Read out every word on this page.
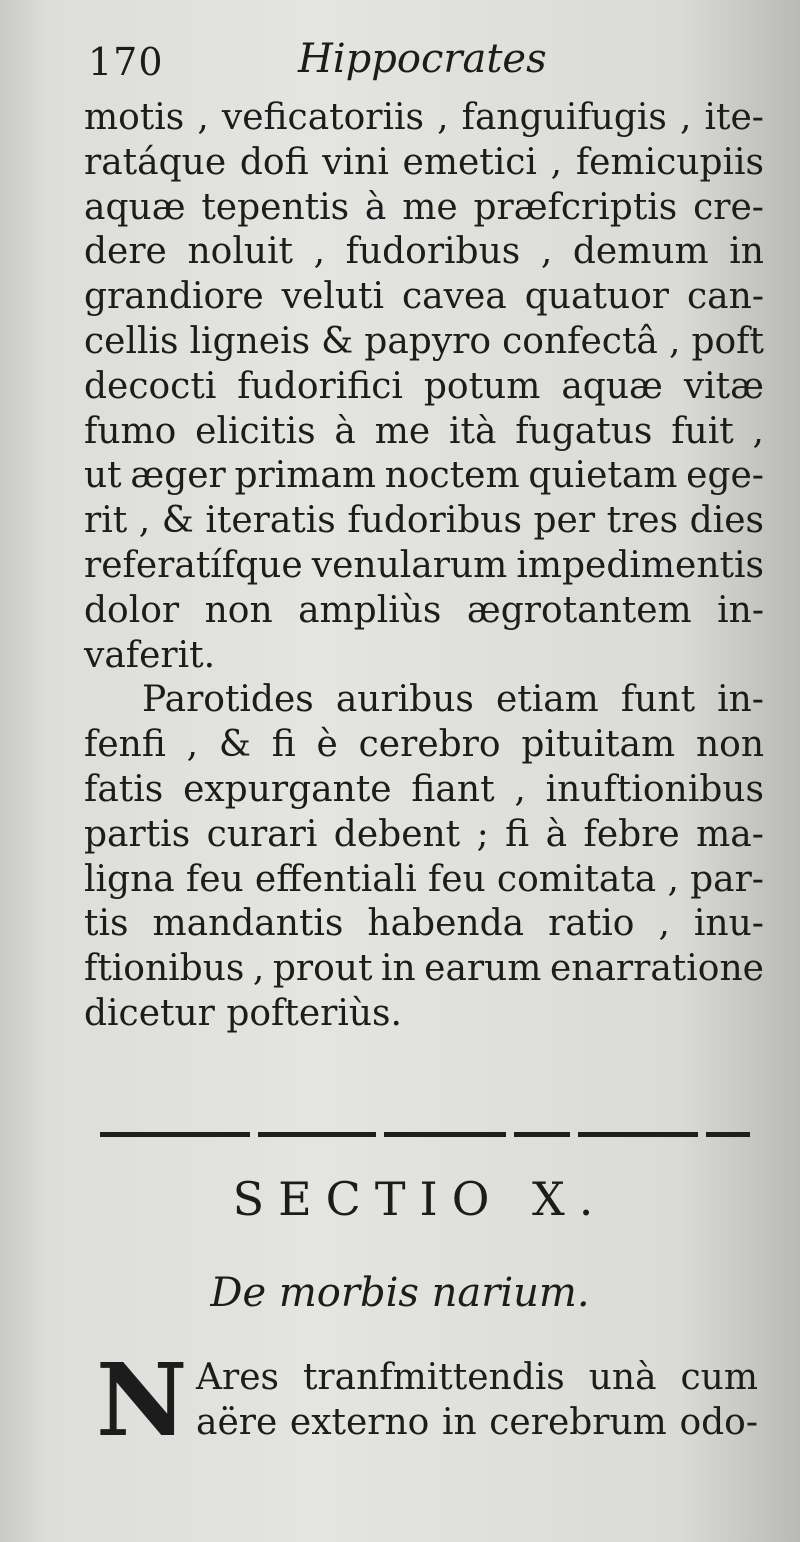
170	Hippocrates
motis , veficatoriis , fanguifugis , ite-
ratáque dofi vini emetici , femicupiis
aquæ tepentis à me præfcriptis cre-
dere noluit , fudoribus , demum in
grandiore veluti cavea quatuor can-
cellis ligneis & papyro confectâ , poft
decocti fudorifici potum aquæ vitæ
fumo elicitis à me ità fugatus fuit ,
ut æger primam noctem quietam ege-
rit , & iteratis fudoribus per tres dies
referatífque venularum impedimentis
dolor non ampliùs ægrotantem in-
vaferit.
Parotides auribus etiam funt in-
fenfi , & fi è cerebro pituitam non
fatis expurgante fiant , inuftionibus
partis curari debent ; fi à febre ma-
ligna feu effentiali feu comitata , par-
tis mandantis habenda ratio , inu-
ftionibus , prout in earum enarratione
dicetur pofteriùs.
SECTIO X.
De morbis narium.
N Ares tranfmittendis unà cum
aëre externo in cerebrum odo-
